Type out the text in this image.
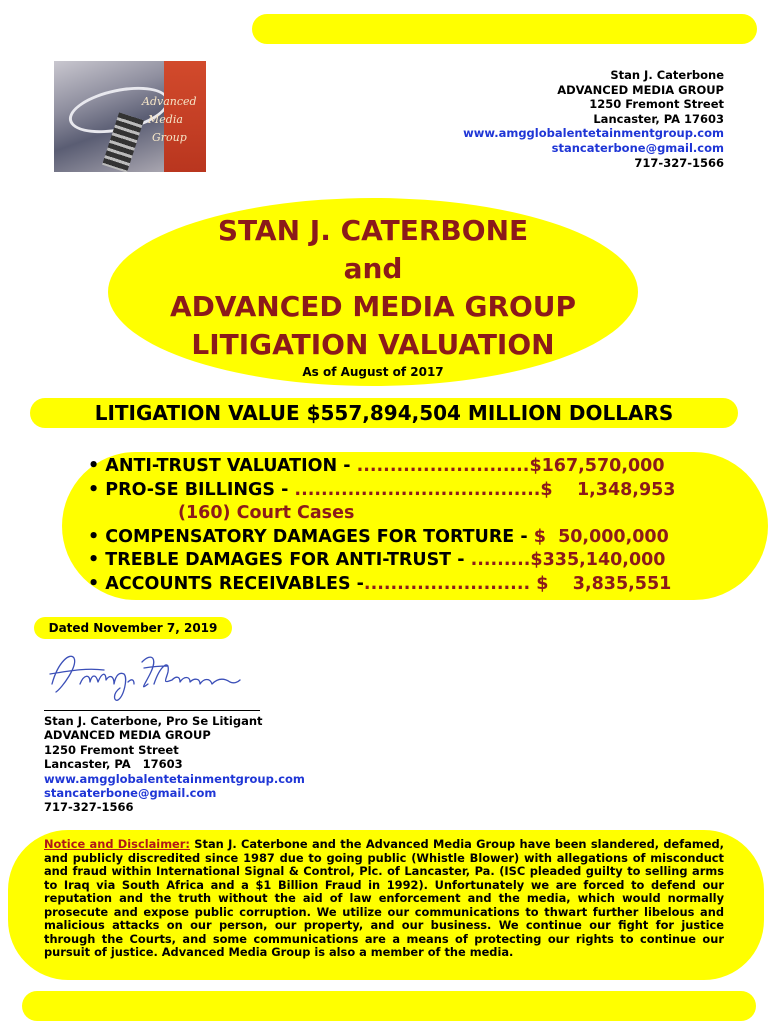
Advanced
Media
Group
Stan J. Caterbone
ADVANCED MEDIA GROUP
1250 Fremont Street
Lancaster, PA 17603
www.amgglobalentetainmentgroup.com
stancaterbone@gmail.com
717-327-1566
STAN J. CATERBONE
and
ADVANCED MEDIA GROUP
LITIGATION VALUATION
As of August of 2017
LITIGATION VALUE $557,894,504 MILLION DOLLARS
• ANTI-TRUST VALUATION - ..........................$167,570,000
• PRO-SE BILLINGS - .....................................$    1,348,953
(160) Court Cases
• COMPENSATORY DAMAGES FOR TORTURE - $  50,000,000
• TREBLE DAMAGES FOR ANTI-TRUST - .........$335,140,000
• ACCOUNTS RECEIVABLES -......................... $    3,835,551
Dated November 7, 2019
Stan J. Caterbone, Pro Se Litigant
ADVANCED MEDIA GROUP
1250 Fremont Street
Lancaster, PA   17603
www.amgglobalentetainmentgroup.com
stancaterbone@gmail.com
717-327-1566
Notice and Disclaimer: Stan J. Caterbone and the Advanced Media Group have been slandered, defamed, and publicly discredited since 1987 due to going public (Whistle Blower) with allegations of misconduct and fraud within International Signal & Control, Plc. of Lancaster, Pa. (ISC pleaded guilty to selling arms to Iraq via South Africa and a $1 Billion Fraud in 1992). Unfortunately we are forced to defend our reputation and the truth without the aid of law enforcement and the media, which would normally prosecute and expose public corruption. We utilize our communications to thwart further libelous and malicious attacks on our person, our property, and our business. We continue our fight for justice through the Courts, and some communications are a means of protecting our rights to continue our pursuit of justice. Advanced Media Group is also a member of the media.
